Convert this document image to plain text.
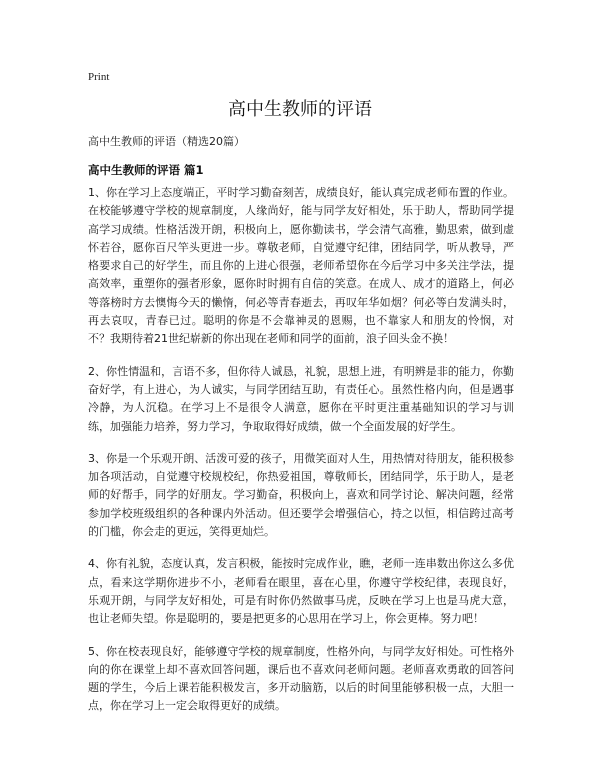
Print
高中生教师的评语
高中生教师的评语（精选20篇）
高中生教师的评语 篇1

1、你在学习上态度端正，平时学习勤奋刻苦，成绩良好，能认真完成老师布置的作业。在校能够遵守学校的规章制度，人缘尚好，能与同学友好相处，乐于助人，帮助同学提高学习成绩。性格活泼开朗，积极向上，愿你勤读书，学会清气高雅，勤思索，做到虚怀若谷，愿你百尺竿头更进一步。尊敬老师，自觉遵守纪律，团结同学，听从教导，严格要求自己的好学生，而且你的上进心很强，老师希望你在今后学习中多关注学法，提高效率，重塑你的强者形象，愿你时时拥有自信的笑意。在成人、成才的道路上，何必等落榜时方去懊悔今天的懒惰，何必等青春逝去，再叹年华如烟？何必等白发满头时，再去哀叹，青春已过。聪明的你是不会靠神灵的恩赐，也不靠家人和朋友的怜悯，对不？我期待着21世纪崭新的你出现在老师和同学的面前，浪子回头金不换！

2、你性情温和，言语不多，但你待人诚恳，礼貌，思想上进，有明辨是非的能力，你勤奋好学，有上进心，为人诚实，与同学团结互助，有责任心。虽然性格内向，但是遇事冷静，为人沉稳。在学习上不是很令人满意，愿你在平时更注重基础知识的学习与训练，加强能力培养，努力学习，争取取得好成绩，做一个全面发展的好学生。

3、你是一个乐观开朗、活泼可爱的孩子，用微笑面对人生，用热情对待朋友，能积极参加各项活动，自觉遵守校规校纪，你热爱祖国，尊敬师长，团结同学，乐于助人，是老师的好帮手，同学的好朋友。学习勤奋，积极向上，喜欢和同学讨论、解决问题，经常参加学校班级组织的各种课内外活动。但还要学会增强信心，持之以恒，相信跨过高考的门槛，你会走的更远，笑得更灿烂。

4、你有礼貌，态度认真，发言积极，能按时完成作业，瞧，老师一连串数出你这么多优点，看来这学期你进步不小，老师看在眼里，喜在心里，你遵守学校纪律，表现良好，乐观开朗，与同学友好相处，可是有时你仍然做事马虎，反映在学习上也是马虎大意，也让老师失望。你是聪明的，要是把更多的心思用在学习上，你会更棒。努力吧！

5、你在校表现良好，能够遵守学校的规章制度，性格外向，与同学友好相处。可性格外向的你在课堂上却不喜欢回答问题，课后也不喜欢问老师问题。老师喜欢勇敢的回答问题的学生，今后上课若能积极发言，多开动脑筋，以后的时间里能够积极一点，大胆一点，你在学习上一定会取得更好的成绩。
